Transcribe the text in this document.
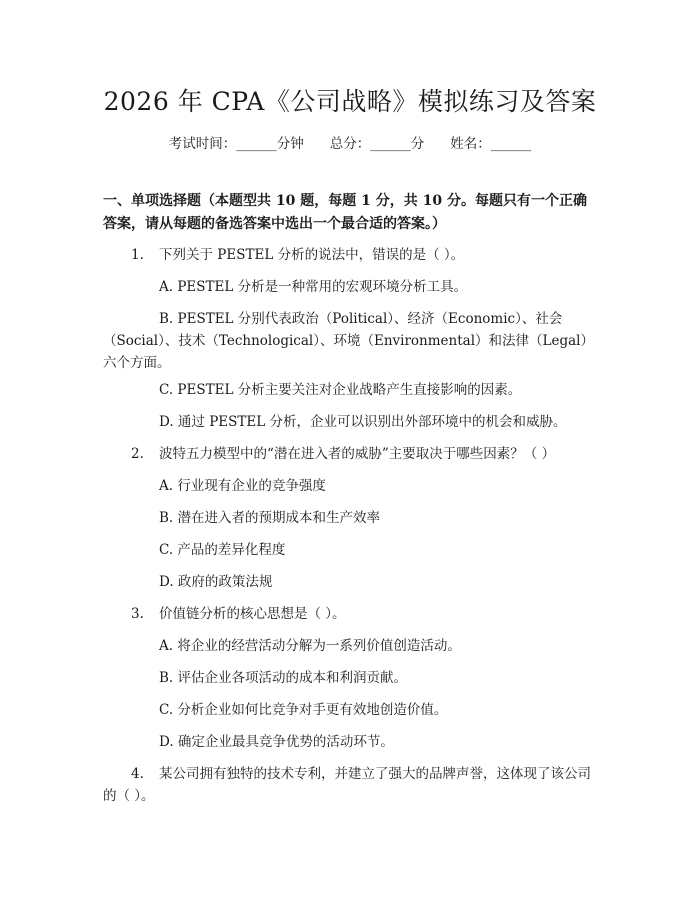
2026 年 CPA《公司战略》模拟练习及答案
考试时间：______分钟 总分：______分 姓名：______

一、单项选择题（本题型共 10 题，每题 1 分，共 10 分。每题只有一个正确答案，请从每题的备选答案中选出一个最合适的答案。）

1. 下列关于 PESTEL 分析的说法中，错误的是（ ）。

A. PESTEL 分析是一种常用的宏观环境分析工具。

B. PESTEL 分别代表政治（Political）、经济（Economic）、社会（Social）、技术（Technological）、环境（Environmental）和法律（Legal）六个方面。

C. PESTEL 分析主要关注对企业战略产生直接影响的因素。

D. 通过 PESTEL 分析，企业可以识别出外部环境中的机会和威胁。

2. 波特五力模型中的“潜在进入者的威胁”主要取决于哪些因素？（ ）

A. 行业现有企业的竞争强度

B. 潜在进入者的预期成本和生产效率

C. 产品的差异化程度

D. 政府的政策法规

3. 价值链分析的核心思想是（ ）。

A. 将企业的经营活动分解为一系列价值创造活动。

B. 评估企业各项活动的成本和利润贡献。

C. 分析企业如何比竞争对手更有效地创造价值。

D. 确定企业最具竞争优势的活动环节。

4. 某公司拥有独特的技术专利，并建立了强大的品牌声誉，这体现了该公司的（ ）。
